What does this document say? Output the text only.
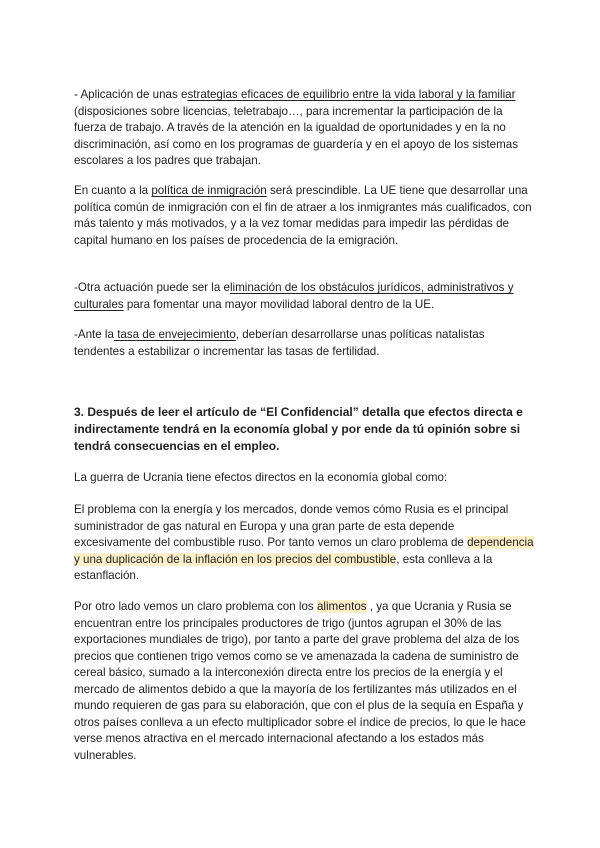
- Aplicación de unas estrategias eficaces de equilibrio entre la vida laboral y la familiar (disposiciones sobre licencias, teletrabajo…, para incrementar la participación de la fuerza de trabajo. A través de la atención en la igualdad de oportunidades y en la no discriminación, así como en los programas de guardería y en el apoyo de los sistemas escolares a los padres que trabajan.

En cuanto a la política de inmigración será prescindible. La UE tiene que desarrollar una política común de inmigración con el fin de atraer a los inmigrantes más cualificados, con más talento y más motivados, y a la vez tomar medidas para impedir las pérdidas de capital humano en los países de procedencia de la emigración.

-Otra actuación puede ser la eliminación de los obstáculos jurídicos, administrativos y culturales para fomentar una mayor movilidad laboral dentro de la UE.

-Ante la tasa de envejecimiento, deberían desarrollarse unas políticas natalistas tendentes a estabilizar o incrementar las tasas de fertilidad.

3. Después de leer el artículo de “El Confidencial” detalla que efectos directa e indirectamente tendrá en la economía global y por ende da tú opinión sobre si tendrá consecuencias en el empleo.

La guerra de Ucrania tiene efectos directos en la economía global como:

El problema con la energía y los mercados, donde vemos cómo Rusia es el principal suministrador de gas natural en Europa y una gran parte de esta depende excesivamente del combustible ruso. Por tanto vemos un claro problema de dependencia y una duplicación de la inflación en los precios del combustible, esta conlleva a la estanflación.

Por otro lado vemos un claro problema con los alimentos , ya que Ucrania y Rusia se encuentran entre los principales productores de trigo (juntos agrupan el 30% de las exportaciones mundiales de trigo), por tanto a parte del grave problema del alza de los precios que contienen trigo vemos como se ve amenazada la cadena de suministro de cereal básico, sumado a la interconexión directa entre los precios de la energía y el mercado de alimentos debido a que la mayoría de los fertilizantes más utilizados en el mundo requieren de gas para su elaboración, que con el plus de la sequía en España y otros países conlleva a un efecto multiplicador sobre el índice de precios, lo que le hace verse menos atractiva en el mercado internacional afectando a los estados más vulnerables.
